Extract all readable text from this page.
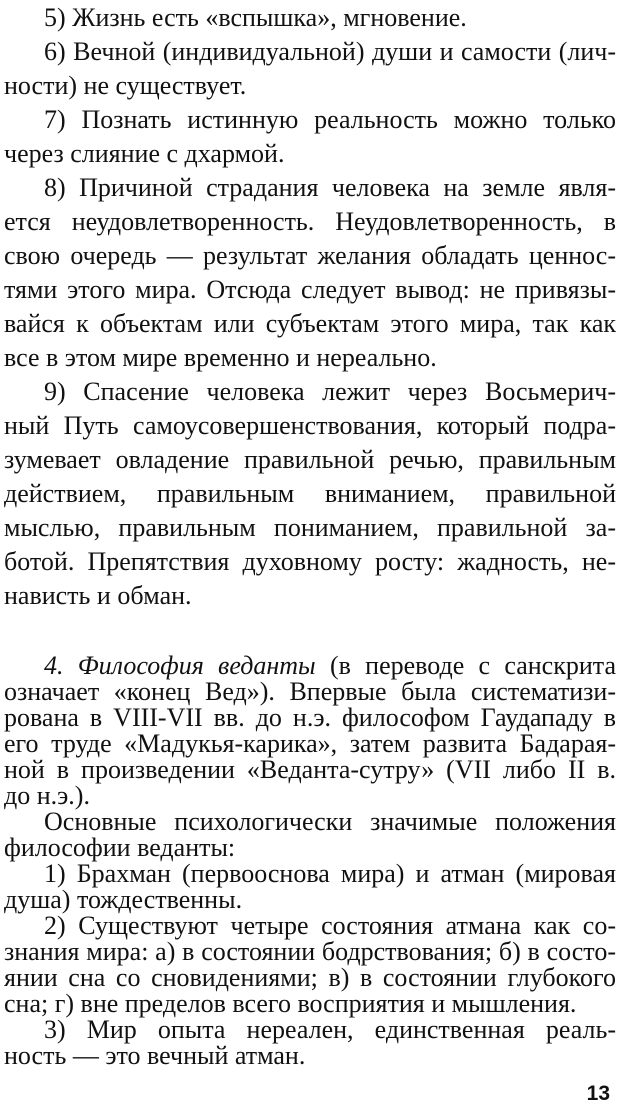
5) Жизнь есть «вспышка», мгновение.
6) Вечной (индивидуальной) души и самости (лич-
ности) не существует.
7) Познать истинную реальность можно только
через слияние с дхармой.
8) Причиной страдания человека на земле явля-
ется неудовлетворенность. Неудовлетворенность, в
свою очередь — результат желания обладать ценнос-
тями этого мира. Отсюда следует вывод: не привязы-
вайся к объектам или субъектам этого мира, так как
все в этом мире временно и нереально.
9) Спасение человека лежит через Восьмерич-
ный Путь самоусовершенствования, который подра-
зумевает овладение правильной речью, правильным
действием, правильным вниманием, правильной
мыслью, правильным пониманием, правильной за-
ботой. Препятствия духовному росту: жадность, не-
нависть и обман.
4. Философия веданты (в переводе с санскрита
означает «конец Вед»). Впервые была систематизи-
рована в VIII-VII вв. до н.э. философом Гаудападу в
его труде «Мадукья-карика», затем развита Бадарая-
ной в произведении «Веданта-сутру» (VII либо II в.
до н.э.).
Основные психологически значимые положения
философии веданты:
1) Брахман (первооснова мира) и атман (мировая
душа) тождественны.
2) Существуют четыре состояния атмана как со-
знания мира: а) в состоянии бодрствования; б) в состо-
13
янии сна со сновидениями; в) в состоянии глубокого
сна; г) вне пределов всего восприятия и мышления.
3) Мир опыта нереален, единственная реаль-
ность — это вечный атман.
